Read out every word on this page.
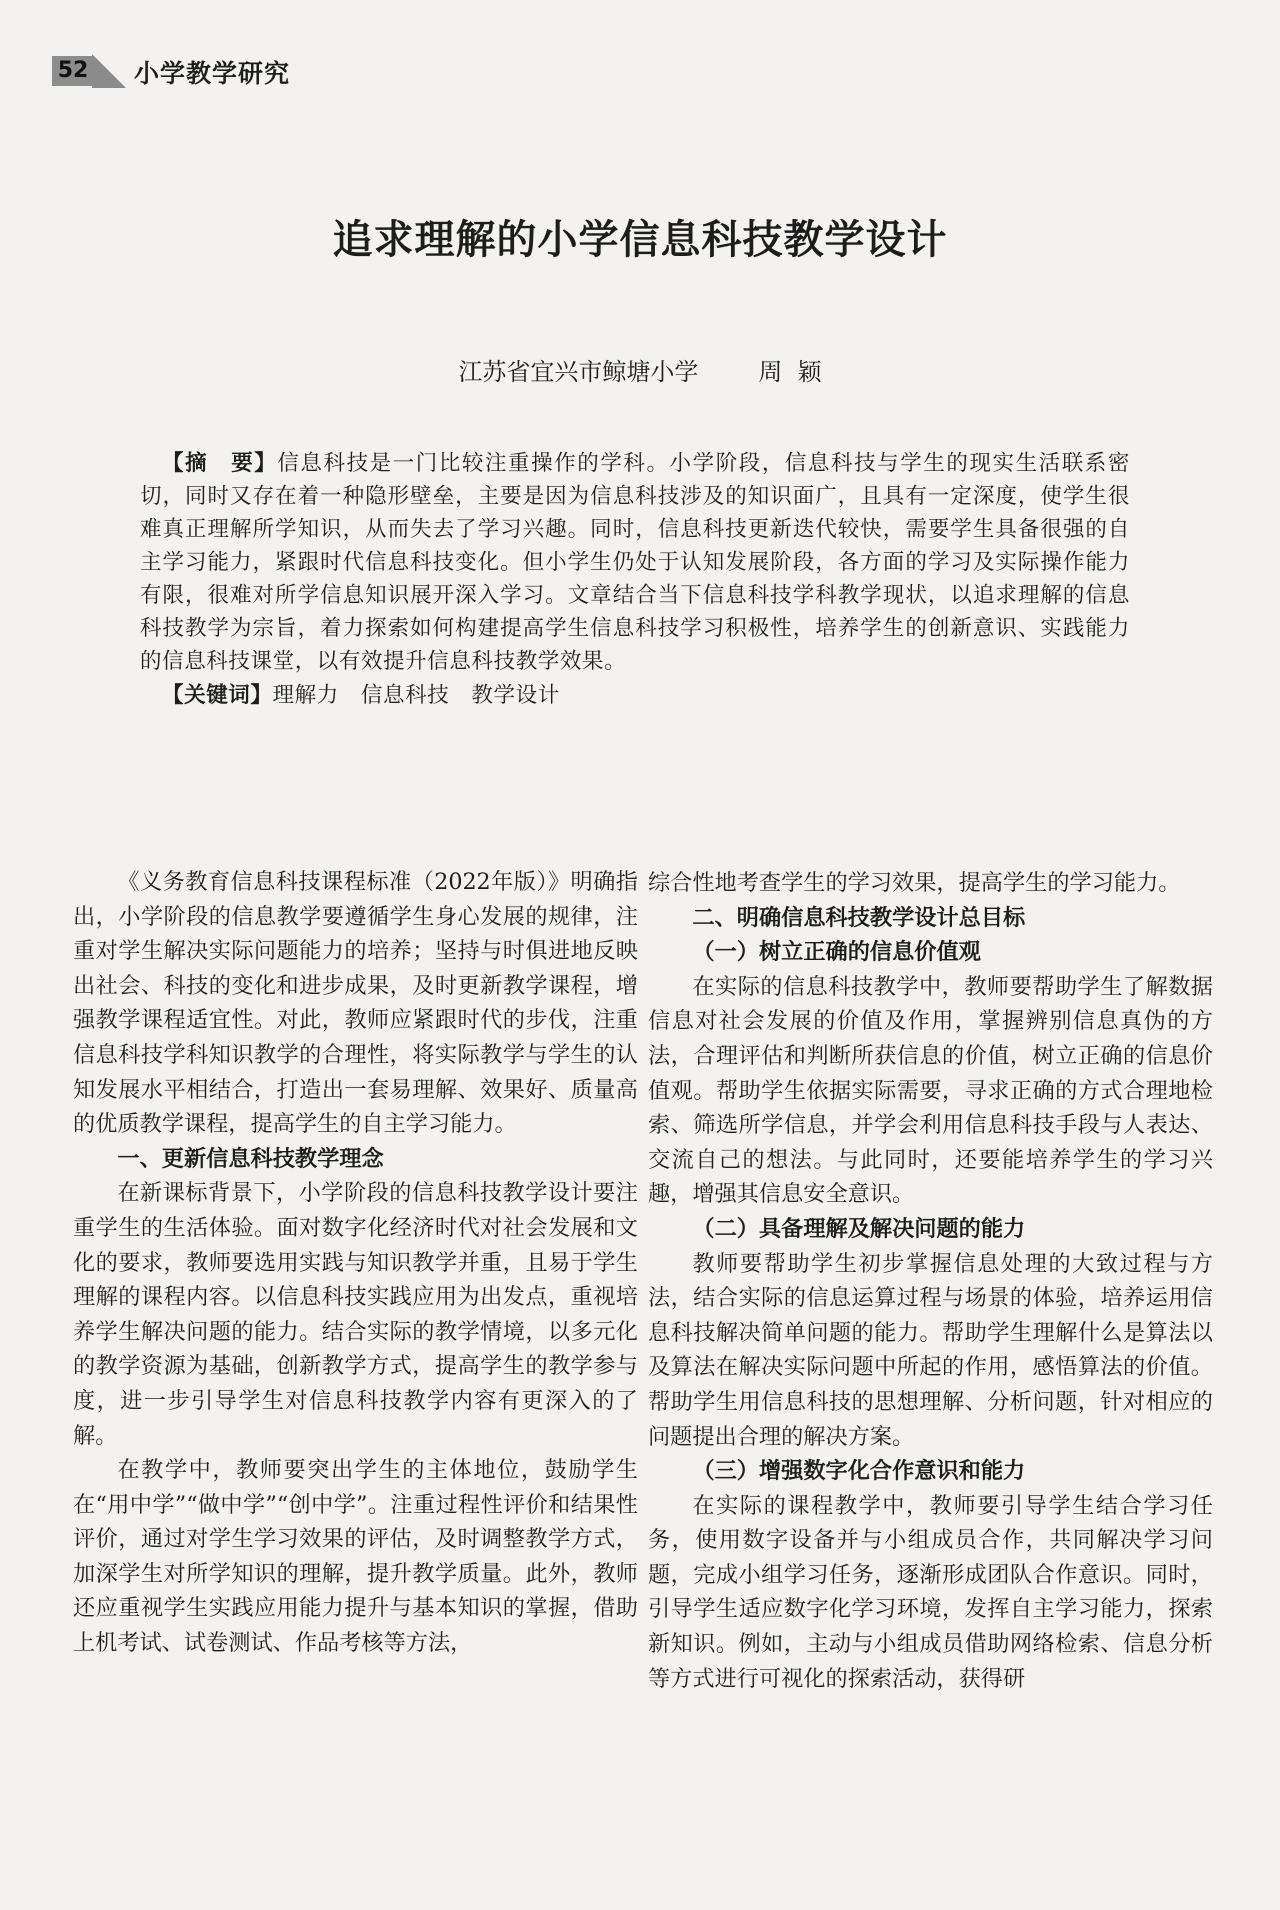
52 小学教学研究
追求理解的小学信息科技教学设计
江苏省宜兴市鲸塘小学	周  颖

【摘　要】信息科技是一门比较注重操作的学科。小学阶段，信息科技与学生的现实生活联系密切，同时又存在着一种隐形壁垒，主要是因为信息科技涉及的知识面广，且具有一定深度，使学生很难真正理解所学知识，从而失去了学习兴趣。同时，信息科技更新迭代较快，需要学生具备很强的自主学习能力，紧跟时代信息科技变化。但小学生仍处于认知发展阶段，各方面的学习及实际操作能力有限，很难对所学信息知识展开深入学习。文章结合当下信息科技学科教学现状，以追求理解的信息科技教学为宗旨，着力探索如何构建提高学生信息科技学习积极性，培养学生的创新意识、实践能力的信息科技课堂，以有效提升信息科技教学效果。

【关键词】理解力　信息科技　教学设计

《义务教育信息科技课程标准（2022年版）》明确指出，小学阶段的信息教学要遵循学生身心发展的规律，注重对学生解决实际问题能力的培养；坚持与时俱进地反映出社会、科技的变化和进步成果，及时更新教学课程，增强教学课程适宜性。对此，教师应紧跟时代的步伐，注重信息科技学科知识教学的合理性，将实际教学与学生的认知发展水平相结合，打造出一套易理解、效果好、质量高的优质教学课程，提高学生的自主学习能力。

一、更新信息科技教学理念

在新课标背景下，小学阶段的信息科技教学设计要注重学生的生活体验。面对数字化经济时代对社会发展和文化的要求，教师要选用实践与知识教学并重，且易于学生理解的课程内容。以信息科技实践应用为出发点，重视培养学生解决问题的能力。结合实际的教学情境，以多元化的教学资源为基础，创新教学方式，提高学生的教学参与度，进一步引导学生对信息科技教学内容有更深入的了解。

在教学中，教师要突出学生的主体地位，鼓励学生在“用中学”“做中学”“创中学”。注重过程性评价和结果性评价，通过对学生学习效果的评估，及时调整教学方式，加深学生对所学知识的理解，提升教学质量。此外，教师还应重视学生实践应用能力提升与基本知识的掌握，借助上机考试、试卷测试、作品考核等方法，

综合性地考查学生的学习效果，提高学生的学习能力。

二、明确信息科技教学设计总目标

（一）树立正确的信息价值观

在实际的信息科技教学中，教师要帮助学生了解数据信息对社会发展的价值及作用，掌握辨别信息真伪的方法，合理评估和判断所获信息的价值，树立正确的信息价值观。帮助学生依据实际需要，寻求正确的方式合理地检索、筛选所学信息，并学会利用信息科技手段与人表达、交流自己的想法。与此同时，还要能培养学生的学习兴趣，增强其信息安全意识。

（二）具备理解及解决问题的能力

教师要帮助学生初步掌握信息处理的大致过程与方法，结合实际的信息运算过程与场景的体验，培养运用信息科技解决简单问题的能力。帮助学生理解什么是算法以及算法在解决实际问题中所起的作用，感悟算法的价值。帮助学生用信息科技的思想理解、分析问题，针对相应的问题提出合理的解决方案。

（三）增强数字化合作意识和能力

在实际的课程教学中，教师要引导学生结合学习任务，使用数字设备并与小组成员合作，共同解决学习问题，完成小组学习任务，逐渐形成团队合作意识。同时，引导学生适应数字化学习环境，发挥自主学习能力，探索新知识。例如，主动与小组成员借助网络检索、信息分析等方式进行可视化的探索活动，获得研
